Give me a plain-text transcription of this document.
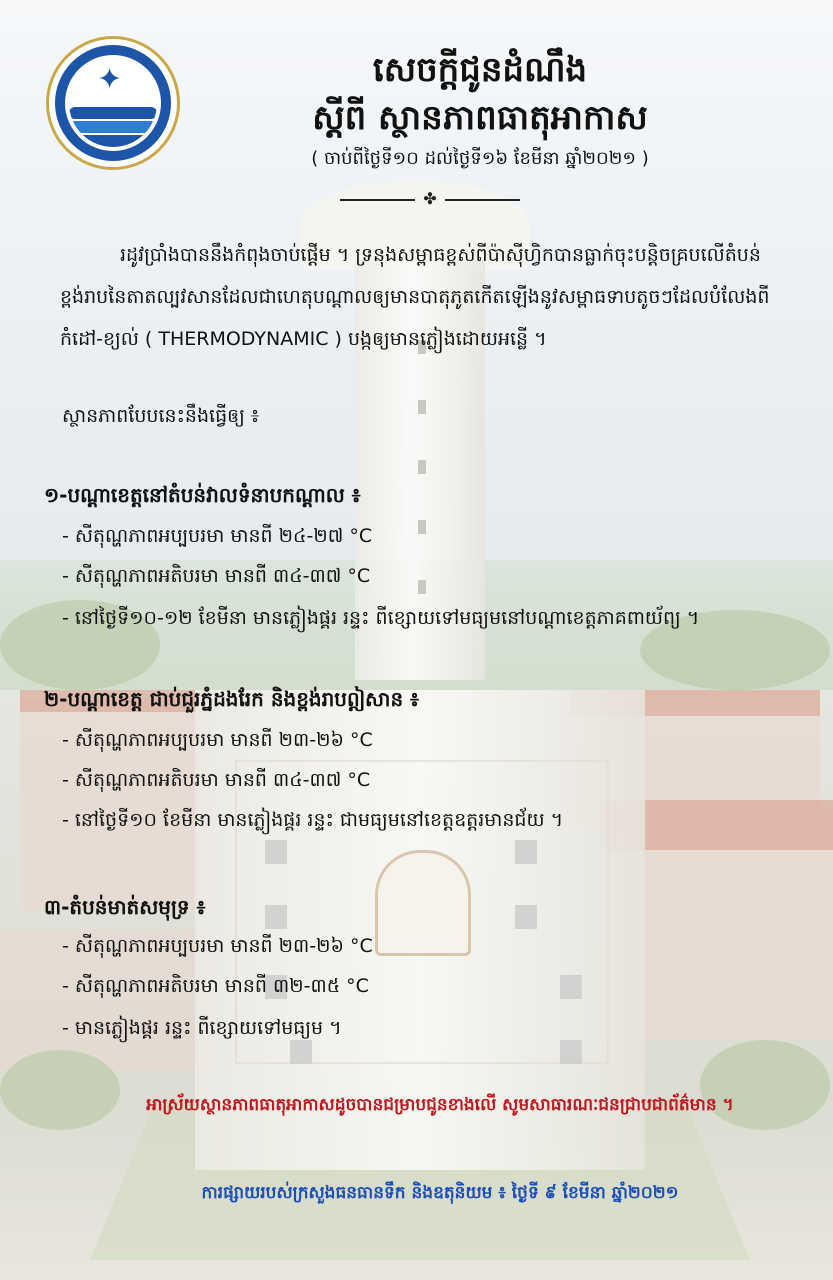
✦	សេចក្ដីជូនដំណឹង
ស្ដីពី ស្ថានភាពធាតុអាកាស
( ចាប់ពីថ្ងៃទី១០ ដល់ថ្ងៃទី១៦ ខែមីនា ឆ្នាំ២០២១ )
✤
រដូវប្រាំងបាននឹងកំពុងចាប់ផ្ដើម ។ ទ្រនុងសម្ពាធខ្ពស់ពីប៉ាស៊ីហ្វិកបានធ្លាក់ចុះបន្តិចគ្របលើតំបន់ខ្ពង់រាបនៃតាតល្បវសានដែលជាហេតុបណ្ដាលឲ្យមានបាតុភូតកើតឡើងនូវសម្ពាធទាបតូចៗដែលបំលែងពីកំដៅ-ខ្យល់ ( THERMODYNAMIC ) បង្កឲ្យមានភ្លៀងដោយអន្លើ ។
ស្ថានភាពបែបនេះនឹងធ្វើឲ្យ ៖
១-បណ្ដាខេត្តនៅតំបន់វាលទំនាបកណ្ដាល ៖
- សីតុណ្ហភាពអប្បបរមា មានពី ២៤-២៧ °C
- សីតុណ្ហភាពអតិបរមា មានពី ៣៤-៣៧ °C
- នៅថ្ងៃទី១០-១២ ខែមីនា មានភ្លៀងផ្គរ រន្ទះ ពីខ្សោយទៅមធ្យមនៅបណ្ដាខេត្តភាគពាយ័ព្យ ។
២-បណ្ដាខេត្ត ជាប់ជួរភ្នំដងរែក និងខ្ពង់រាបឦសាន ៖
- សីតុណ្ហភាពអប្បបរមា មានពី ២៣-២៦ °C
- សីតុណ្ហភាពអតិបរមា មានពី ៣៤-៣៧ °C
- នៅថ្ងៃទី១០ ខែមីនា មានភ្លៀងផ្គរ រន្ទះ ជាមធ្យមនៅខេត្តឧត្ដរមានជ័យ ។
៣-តំបន់មាត់សមុទ្រ ៖
- សីតុណ្ហភាពអប្បបរមា មានពី ២៣-២៦ °C
- សីតុណ្ហភាពអតិបរមា មានពី ៣២-៣៥ °C
- មានភ្លៀងផ្គរ រន្ទះ ពីខ្សោយទៅមធ្យម ។
អាស្រ័យស្ថានភាពធាតុអាកាសដូចបានជម្រាបជូនខាងលើ សូមសាធារណៈជនជ្រាបជាព័ត៌មាន ។
ការផ្សាយរបស់ក្រសួងធនធានទឹក និងឧតុនិយម ៖ ថ្ងៃទី ៩ ខែមីនា ឆ្នាំ២០២១
